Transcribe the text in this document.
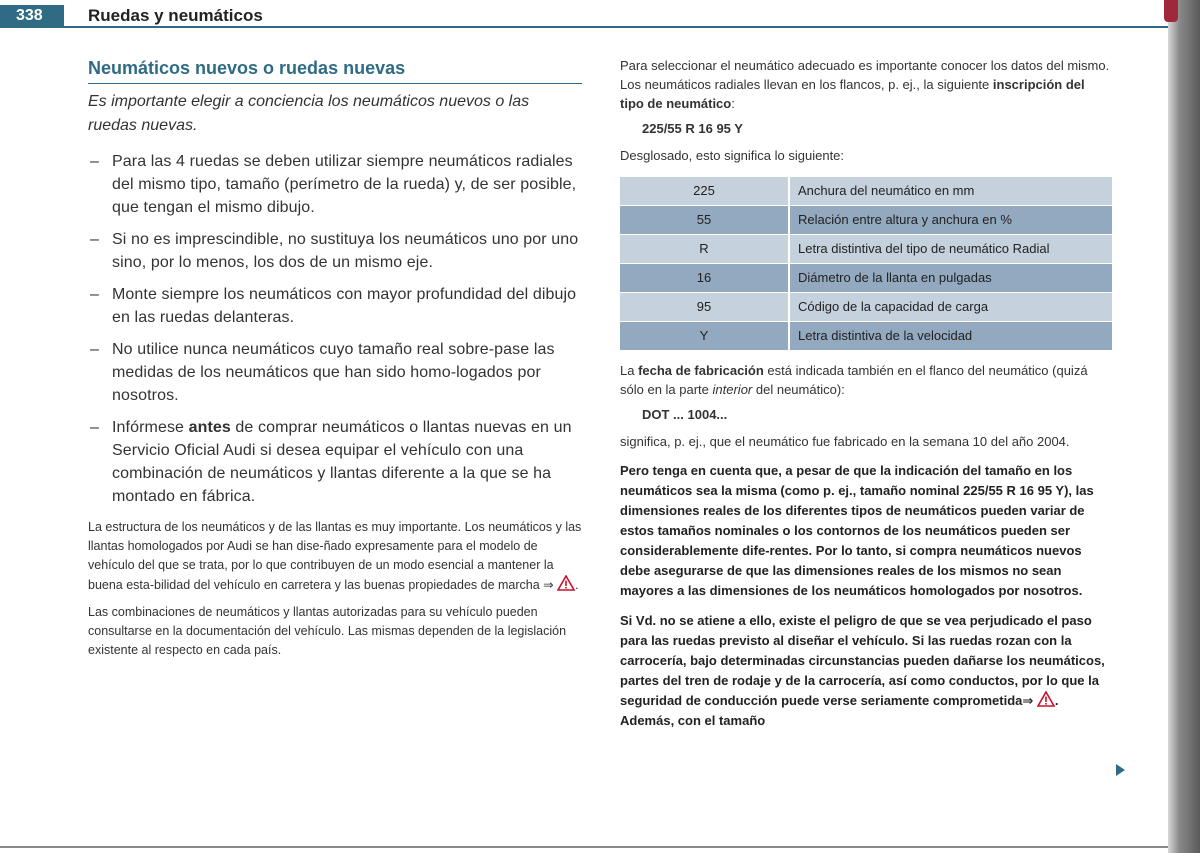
338	Ruedas y neumáticos
Neumáticos nuevos o ruedas nuevas
Es importante elegir a conciencia los neumáticos nuevos o las ruedas nuevas.
– Para las 4 ruedas se deben utilizar siempre neumáticos radiales del mismo tipo, tamaño (perímetro de la rueda) y, de ser posible, que tengan el mismo dibujo.
– Si no es imprescindible, no sustituya los neumáticos uno por uno sino, por lo menos, los dos de un mismo eje.
– Monte siempre los neumáticos con mayor profundidad del dibujo en las ruedas delanteras.
– No utilice nunca neumáticos cuyo tamaño real sobre-pase las medidas de los neumáticos que han sido homo-logados por nosotros.
– Infórmese antes de comprar neumáticos o llantas nuevas en un Servicio Oficial Audi si desea equipar el vehículo con una combinación de neumáticos y llantas diferente a la que se ha montado en fábrica.

La estructura de los neumáticos y de las llantas es muy importante. Los neumáticos y las llantas homologados por Audi se han dise-ñado expresamente para el modelo de vehículo del que se trata, por lo que contribuyen de un modo esencial a mantener la buena esta-bilidad del vehículo en carretera y las buenas propiedades de marcha ⇒ .

Las combinaciones de neumáticos y llantas autorizadas para su vehículo pueden consultarse en la documentación del vehículo. Las mismas dependen de la legislación existente al respecto en cada país.

Para seleccionar el neumático adecuado es importante conocer los datos del mismo. Los neumáticos radiales llevan en los flancos, p. ej., la siguiente inscripción del tipo de neumático:

225/55 R 16 95 Y

Desglosado, esto significa lo siguiente:

225		Anchura del neumático en mm
55		Relación entre altura y anchura en %
R		Letra distintiva del tipo de neumático Radial
16		Diámetro de la llanta en pulgadas
95		Código de la capacidad de carga
Y		Letra distintiva de la velocidad

La fecha de fabricación está indicada también en el flanco del neumático (quizá sólo en la parte interior del neumático):

DOT ... 1004...

significa, p. ej., que el neumático fue fabricado en la semana 10 del año 2004.

Pero tenga en cuenta que, a pesar de que la indicación del tamaño en los neumáticos sea la misma (como p. ej., tamaño nominal 225/55 R 16 95 Y), las dimensiones reales de los diferentes tipos de neumáticos pueden variar de estos tamaños nominales o los contornos de los neumáticos pueden ser considerablemente dife-rentes. Por lo tanto, si compra neumáticos nuevos debe asegurarse de que las dimensiones reales de los mismos no sean mayores a las dimensiones de los neumáticos homologados por nosotros.

Si Vd. no se atiene a ello, existe el peligro de que se vea perjudicado el paso para las ruedas previsto al diseñar el vehículo. Si las ruedas rozan con la carrocería, bajo determinadas circunstancias pueden dañarse los neumáticos, partes del tren de rodaje y de la carrocería, así como conductos, por lo que la seguridad de conducción puede verse seriamente comprometida⇒ . Además, con el tamaño
